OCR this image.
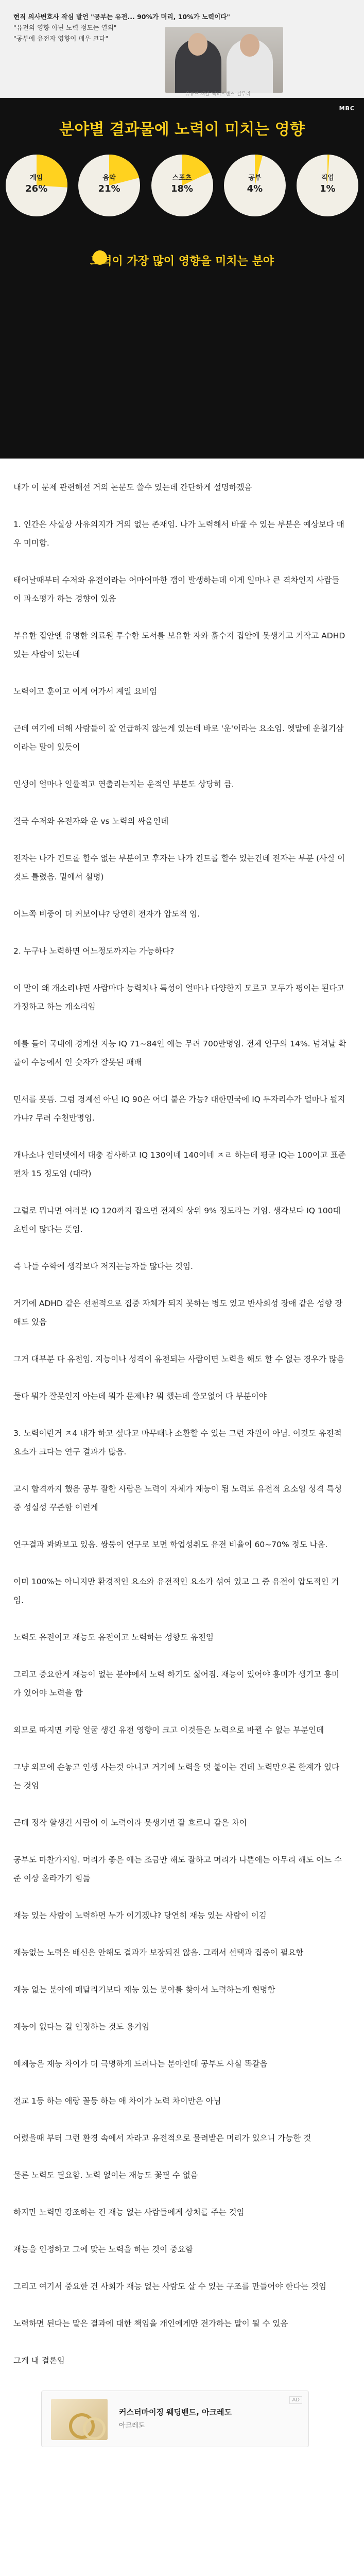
현직 의사변호사 작심 발언 "공부는 유전... 90%가 머리, 10%가 노력이다"
"유전의 영향 아닌 노력 정도는 열외"
"공부에 유전자 영향이 매우 크다"
유튜브 채널 '닥터프렌즈' 갈무리
MBC
분야별 결과물에 노력이 미치는 영향
게임
26%
음악
21%
스포츠
18%
공부
4%
직업
1%
노력이 가장 많이 영향을 미치는 분야
내가 이 문제 관련해선 거의 논문도 쓸수 있는데 간단하게 설명하겠음
1. 인간은 사실상 사유의지가 거의 없는 존재임. 나가 노력해서 바꿀 수 있는 부분은 예상보다 매우 미미함.
태어날때부터 수저와 유전이라는 어마어마한 갭이 발생하는데 이게 일마나 큰 격차인지 사람들이 과소평가 하는 경향이 있음
부유한 집안엔 유명한 의료원 투수한 도서를 보유한 자와 흙수저 집안에 못생기고 키작고 ADHD 있는 사람이 있는데
노력이고 훈이고 이게 어가서 계일 요비임
근데 여기에 더해 사람들이 잘 언급하지 않는게 있는데 바로 '운'이라는 요소임. 옛말에 운칠기삼이라는 말이 있듯이
인생이 얼마나 일률적고 연출리는지는 운적인 부분도 상당히 큼.
결국 수저와 유전자와 운 vs 노력의 싸움인데
전자는 나가 컨트롤 할수 없는 부분이고 후자는 나가 컨트롤 할수 있는건데 전자는 부분 (사실 이것도 틀렸음. 밑에서 설명)
어느쪽 비중이 더 커보이냐? 당연히 전자가 압도적 임.
2. 누구나 노력하면 어느정도까지는 가능하다?
이 말이 왜 개소리냐면 사람마다 능력치나 특성이 얼마나 다양한지 모르고 모두가 평이는 된다고 가정하고 하는 개소리임
예를 들어 국내에 경계선 지능 IQ 71~84인 애는 무려 700만명임. 전체 인구의 14%. 넘쳐날 확률이 수능에서 인 숫자가 잘못된 패배
민서를 못뜸. 그럼 경계선 아닌 IQ 90은 어디 붙은 가능? 대한민국에 IQ 두자리수가 얼마나 될지 가냐? 무려 수천만명임.
개나소나 인터넷에서 대충 검사하고 IQ 130이네 140이네 ㅈㄹ 하는데 평균 IQ는 100이고 표준편차 15 정도임 (대략)
그럴로 뭐냐면 여러분 IQ 120까지 잡으면 전체의 상위 9% 정도라는 거임. 생각보다 IQ 100대 초반이 많다는 뜻임.
즉 나들 수학에 생각보다 저지는능자들 많다는 것임.
거기에 ADHD 같은 선천적으로 집중 자체가 되지 못하는 병도 있고 반사회성 장애 같은 성향 장애도 있음
그거 대부분 다 유전임. 지능이나 성격이 유전되는 사람이면 노력을 해도 할 수 없는 경우가 많음
둘다 뭐가 잘못인지 아는데 뭐가 문제냐? 뭐 했는데 쓸모없어 다 부분이야
3. 노력이란거 ㅈ4 내가 하고 싶다고 마무때나 소환할 수 있는 그런 자원이 아님. 이것도 유전적 요소가 크다는 연구 결과가 많음.
고시 합격까지 했음 공부 잘한 사람은 노력이 자체가 재능이 됨 노력도 유전적 요소임 성격 특성 중 성실성 꾸준함 이런게
연구결과 봐봐보고 있음. 쌍둥이 연구로 보면 학업성취도 유전 비율이 60~70% 정도 나옴.
이미 100%는 아니지만 환경적인 요소와 유전적인 요소가 섞여 있고 그 중 유전이 압도적인 거임.
노력도 유전이고 재능도 유전이고 노력하는 성향도 유전임
그리고 중요한게 재능이 없는 분야에서 노력 하기도 싫어짐. 재능이 있어야 흥미가 생기고 흥미가 있어야 노력을 함
외모로 따지면 키랑 얼굴 생긴 유전 영향이 크고 이것들은 노력으로 바뀔 수 없는 부분인데
그냥 외모에 손놓고 인생 사는것 아니고 거기에 노력을 덧 붙이는 건데 노력만으론 한계가 있다는 것임
근데 정작 할생긴 사람이 이 노력이라 못생기면 잘 흐르나 같은 차이
공부도 마찬가지임. 머리가 좋은 애는 조금만 해도 잘하고 머리가 나쁜애는 아무리 해도 어느 수준 이상 올라가기 힘듦
재능 있는 사람이 노력하면 누가 이기겠냐? 당연히 재능 있는 사람이 이김
재능없는 노력은 배신은 안해도 결과가 보장되진 않음. 그래서 선택과 집중이 필요함
재능 없는 분야에 매달리기보다 재능 있는 분야를 찾아서 노력하는게 현명함
재능이 없다는 걸 인정하는 것도 용기임
예체능은 재능 차이가 더 극명하게 드러나는 분야인데 공부도 사실 똑같음
전교 1등 하는 애랑 꼴등 하는 애 차이가 노력 차이만은 아님
어렸을때 부터 그런 환경 속에서 자라고 유전적으로 물려받은 머리가 있으니 가능한 것
물론 노력도 필요함. 노력 없이는 재능도 꽃필 수 없음
하지만 노력만 강조하는 건 재능 없는 사람들에게 상처를 주는 것임
재능을 인정하고 그에 맞는 노력을 하는 것이 중요함
그리고 여기서 중요한 건 사회가 재능 없는 사람도 살 수 있는 구조를 만들어야 한다는 것임
노력하면 된다는 말은 결과에 대한 책임을 개인에게만 전가하는 말이 될 수 있음
그게 내 결론임
AD
커스터마이징 웨딩밴드, 아크레도
아크레도
